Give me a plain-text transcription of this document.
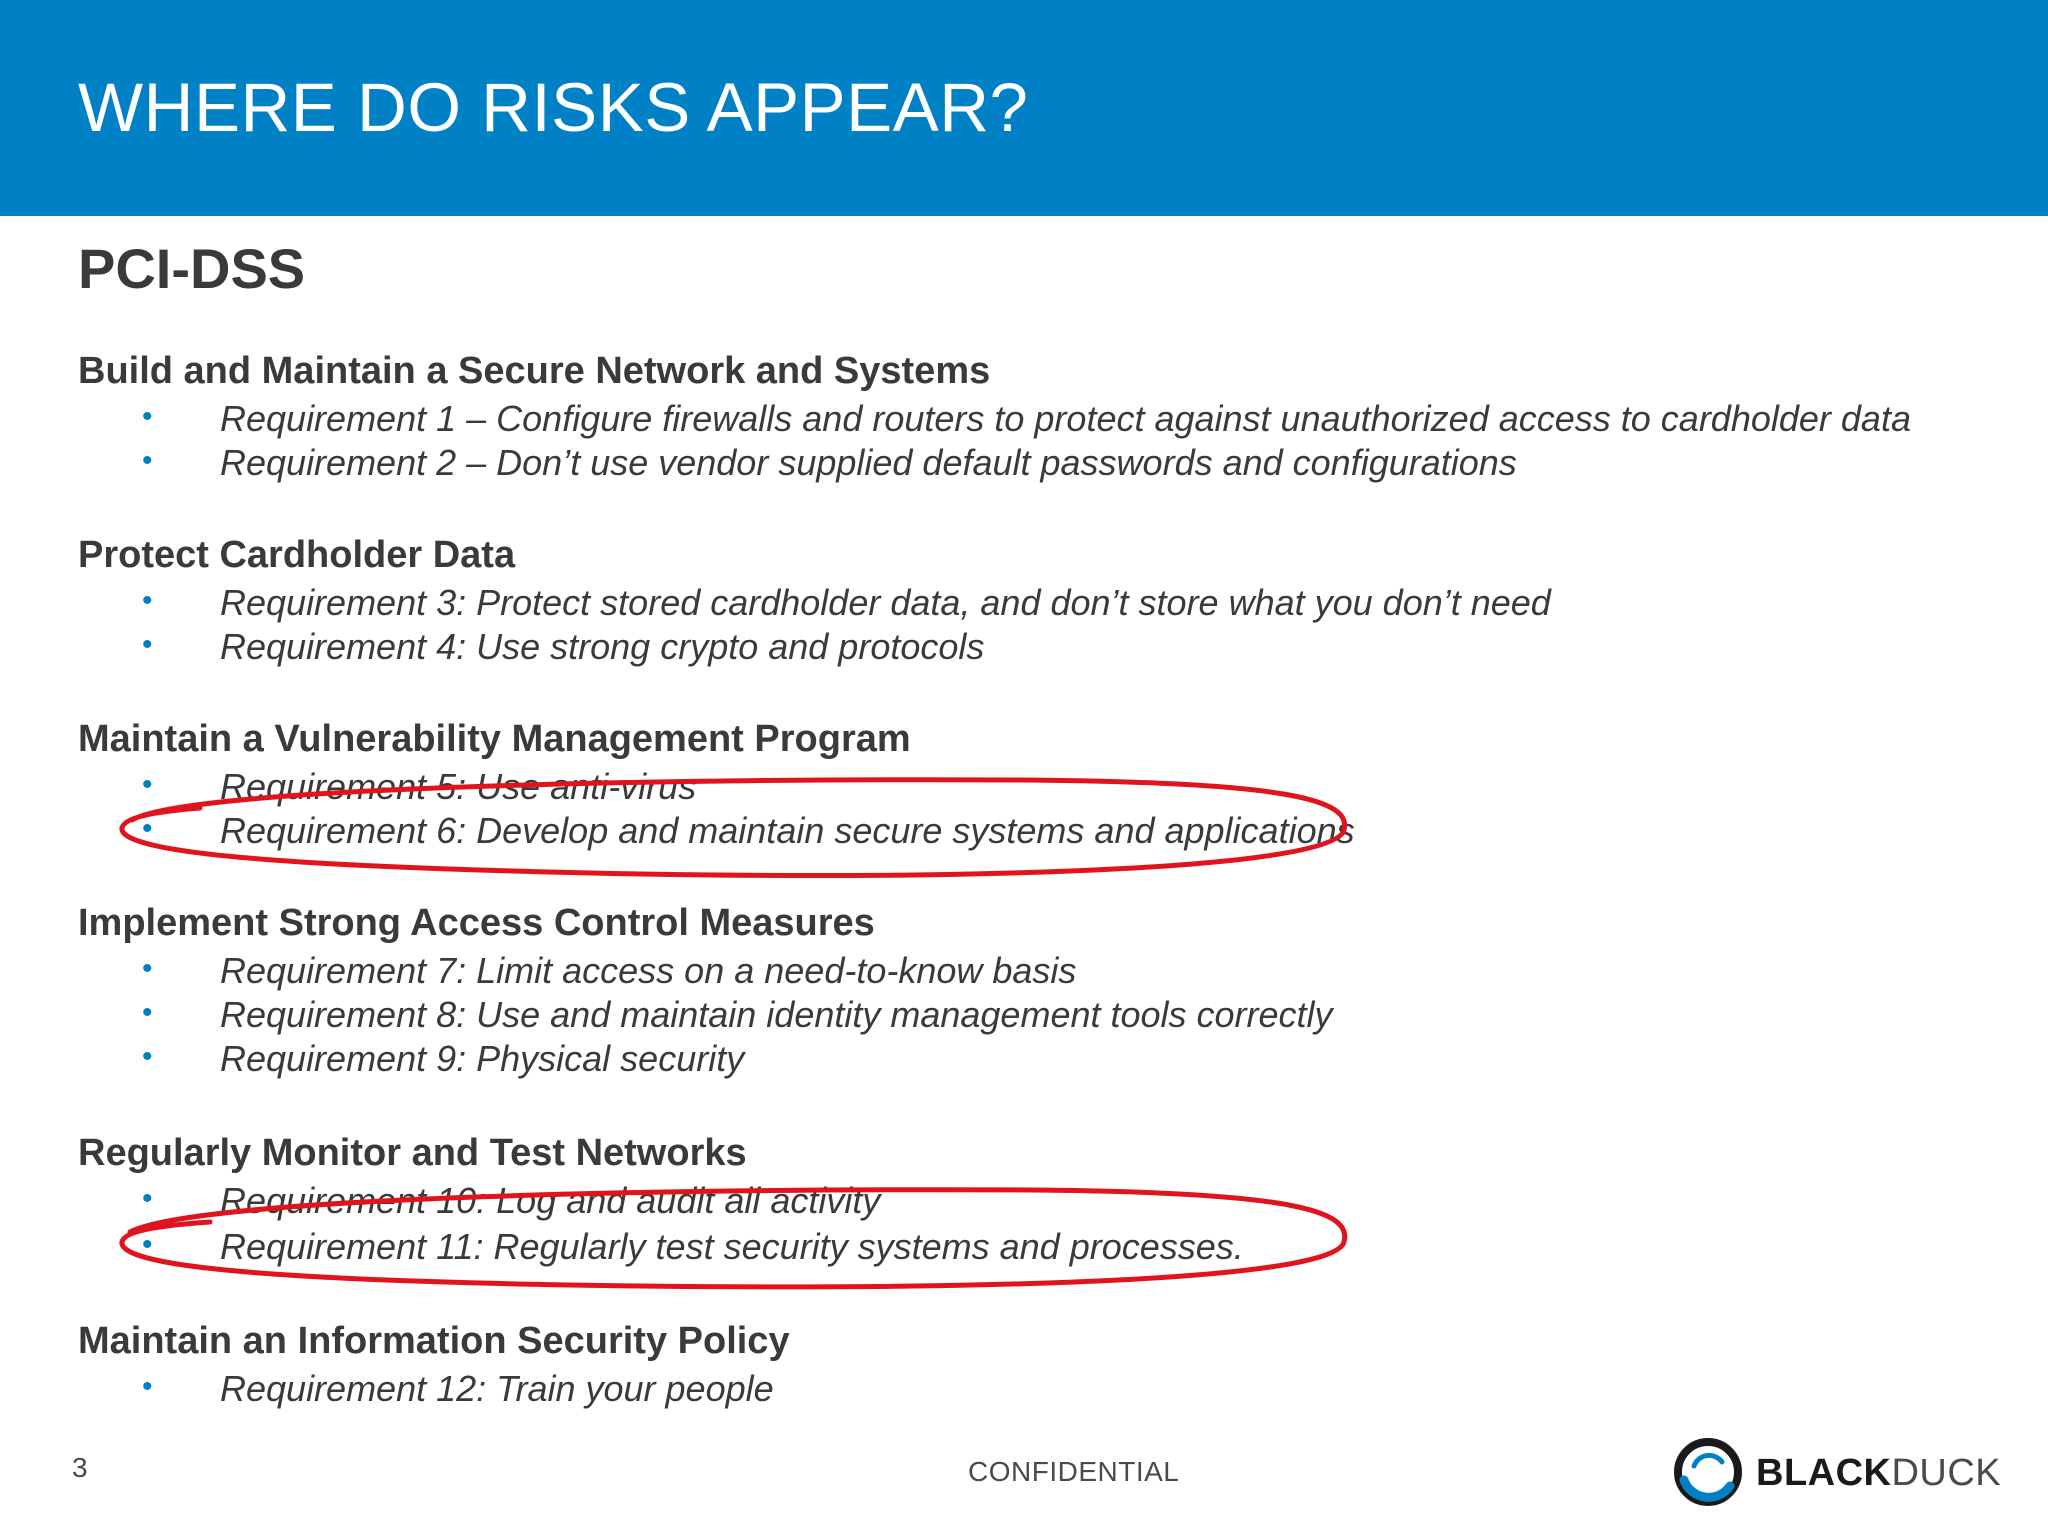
WHERE DO RISKS APPEAR?
PCI-DSS
Build and Maintain a Secure Network and Systems
• Requirement 1 – Configure firewalls and routers to protect against unauthorized access to cardholder data
• Requirement 2 – Don’t use vendor supplied default passwords and configurations
Protect Cardholder Data
• Requirement 3: Protect stored cardholder data, and don’t store what you don’t need
• Requirement 4: Use strong crypto and protocols
Maintain a Vulnerability Management Program
• Requirement 5: Use anti-virus
• Requirement 6: Develop and maintain secure systems and applications
Implement Strong Access Control Measures
• Requirement 7: Limit access on a need-to-know basis
• Requirement 8: Use and maintain identity management tools correctly
• Requirement 9: Physical security
Regularly Monitor and Test Networks
• Requirement 10: Log and audit all activity
• Requirement 11: Regularly test security systems and processes.
Maintain an Information Security Policy
• Requirement 12: Train your people
3	CONFIDENTIAL	BLACKDUCK
